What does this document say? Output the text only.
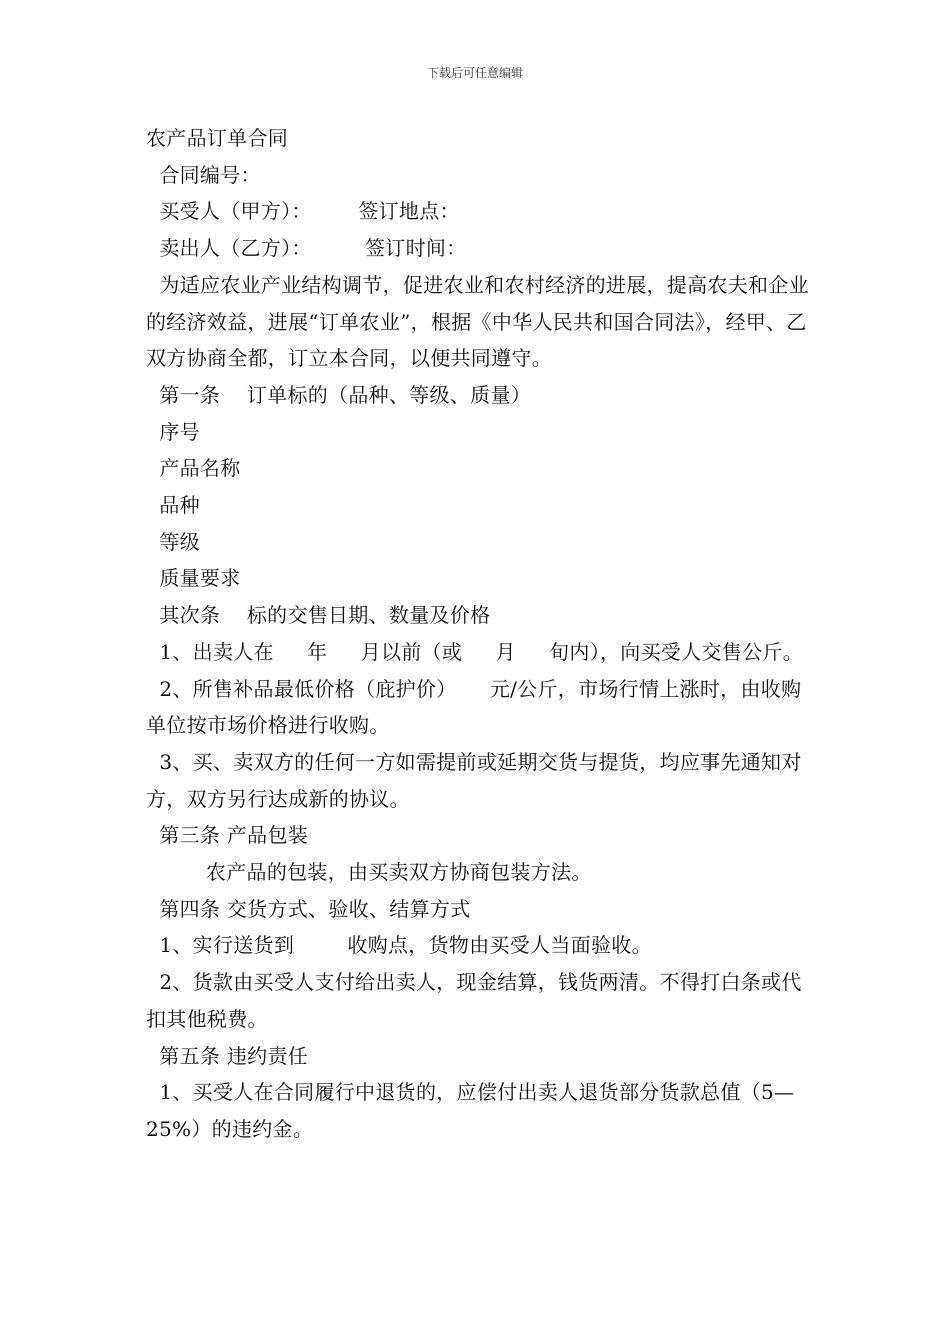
下载后可任意编辑

农产品订单合同

合同编号：

买受人（甲方）：       签订地点：

卖出人（乙方）：        签订时间：

为适应农业产业结构调节，促进农业和农村经济的进展，提高农夫和企业的经济效益，进展“订单农业”，根据《中华人民共和国合同法》，经甲、乙双方协商全都，订立本合同，以便共同遵守。

第一条    订单标的（品种、等级、质量）

序号

产品名称

品种

等级

质量要求

其次条    标的交售日期、数量及价格

1、出卖人在     年     月以前（或     月     旬内），向买受人交售公斤。

2、所售补品最低价格（庇护价）     元/公斤，市场行情上涨时，由收购单位按市场价格进行收购。

3、买、卖双方的任何一方如需提前或延期交货与提货，均应事先通知对方，双方另行达成新的协议。

第三条 产品包装

农产品的包装，由买卖双方协商包装方法。

第四条 交货方式、验收、结算方式

1、实行送货到        收购点，货物由买受人当面验收。

2、货款由买受人支付给出卖人，现金结算，钱货两清。不得打白条或代扣其他税费。

第五条 违约责任

1、买受人在合同履行中退货的，应偿付出卖人退货部分货款总值（5—25%）的违约金。
